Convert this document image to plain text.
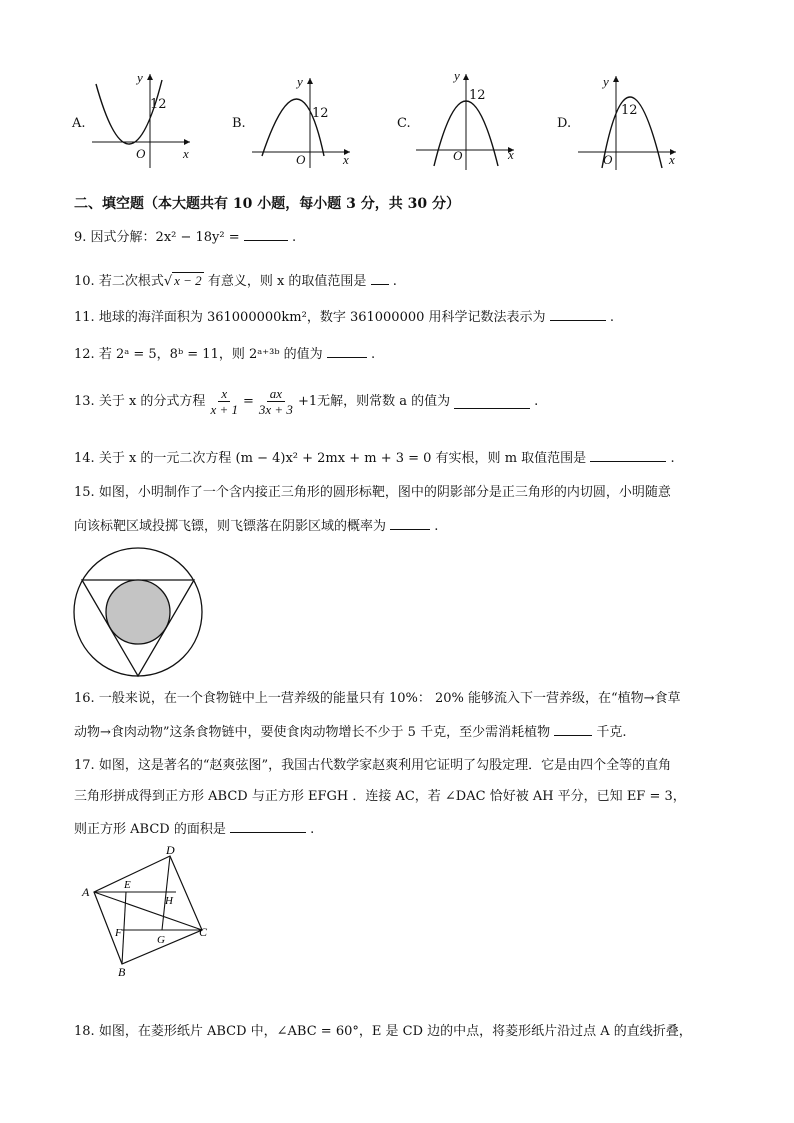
A.
y
12
O	x
B.
y
12
O	x
C.
y
12
O	x
D.
y
12
O	x
二、填空题（本大题共有 10 小题，每小题 3 分，共 30 分）
9. 因式分解：2x² − 18y² =	.
10. 若二次根式√ x − 2 有意义，则 x 的取值范围是 .
11. 地球的海洋面积为 361000000km²，数字 361000000 用科学记数法表示为	.
12. 若 2ᵃ = 5，8ᵇ = 11，则 2ᵃ⁺³ᵇ 的值为	.
13.
关于 x 的分式方程 $\frac{x}{x + 1} = \frac{ax}{3x + 3} +1$无解，则常数 a 的值为	.
14. 关于 x 的一元二次方程 (m − 4)x² + 2mx + m + 3 = 0 有实根，则 m 取值范围是	.
15. 如图，小明制作了一个含内接正三角形的圆形标靶，图中的阴影部分是正三角形的内切圆，小明随意
向该标靶区域投掷飞镖，则飞镖落在阴影区域的概率为	.
16. 一般来说，在一个食物链中上一营养级的能量只有 10%： 20% 能够流入下一营养级，在“植物→食草
动物→食肉动物”这条食物链中，要使食肉动物增长不少于 5 千克，至少需消耗植物	千克.
17. 如图，这是著名的“赵爽弦图”，我国古代数学家赵爽利用它证明了勾股定理．它是由四个全等的直角
三角形拼成得到正方形 ABCD 与正方形 EFGH ．连接 AC，若 ∠DAC 恰好被 AH 平分，已知 EF = 3，
则正方形 ABCD 的面积是	.
A
B
C
D
E
F
G
H
18. 如图，在菱形纸片 ABCD 中，∠ABC = 60°，E 是 CD 边的中点，将菱形纸片沿过点 A 的直线折叠，
